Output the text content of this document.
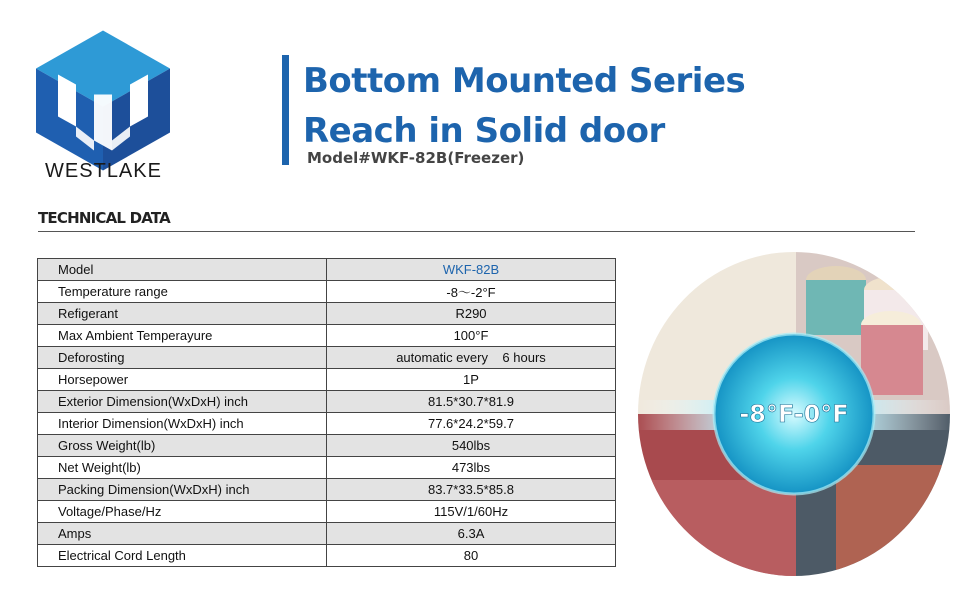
WESTLAKE
Bottom Mounted Series
Reach in Solid door
Model#WKF-82B(Freezer)
TECHNICAL DATA
Model	WKF-82B
Temperature range	-8～-2°F
Refigerant	R290
Max Ambient Temperayure	100°F
Deforosting	automatic every    6 hours
Horsepower	1P
Exterior Dimension(WxDxH) inch	81.5*30.7*81.9
Interior Dimension(WxDxH) inch	77.6*24.2*59.7
Gross Weight(lb)	540lbs
Net Weight(lb)	473lbs
Packing Dimension(WxDxH) inch	83.7*33.5*85.8
Voltage/Phase/Hz	115V/1/60Hz
Amps	6.3A
Electrical Cord Length	80
-8°F-0°F
